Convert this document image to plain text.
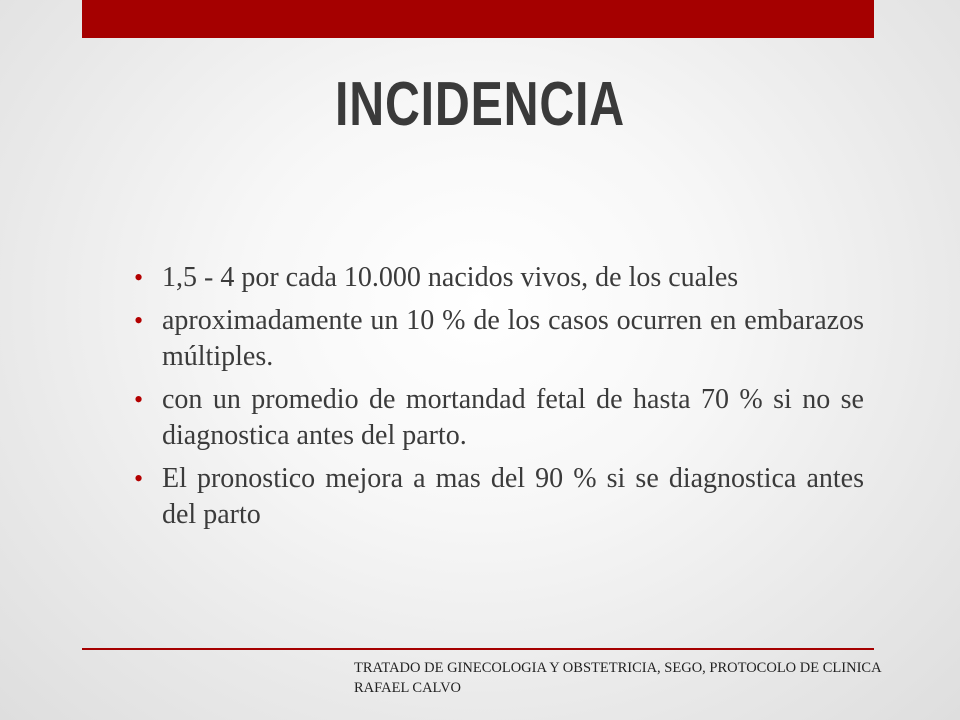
INCIDENCIA
• 1,5 - 4 por cada 10.000 nacidos vivos, de los cuales
• aproximadamente un 10 % de los casos ocurren en embarazos múltiples.
• con un promedio de mortandad fetal de hasta 70 % si no se diagnostica antes del parto.
• El pronostico mejora a mas del 90 % si se diagnostica antes del parto
TRATADO DE GINECOLOGIA Y OBSTETRICIA, SEGO, PROTOCOLO DE CLINICA RAFAEL CALVO
